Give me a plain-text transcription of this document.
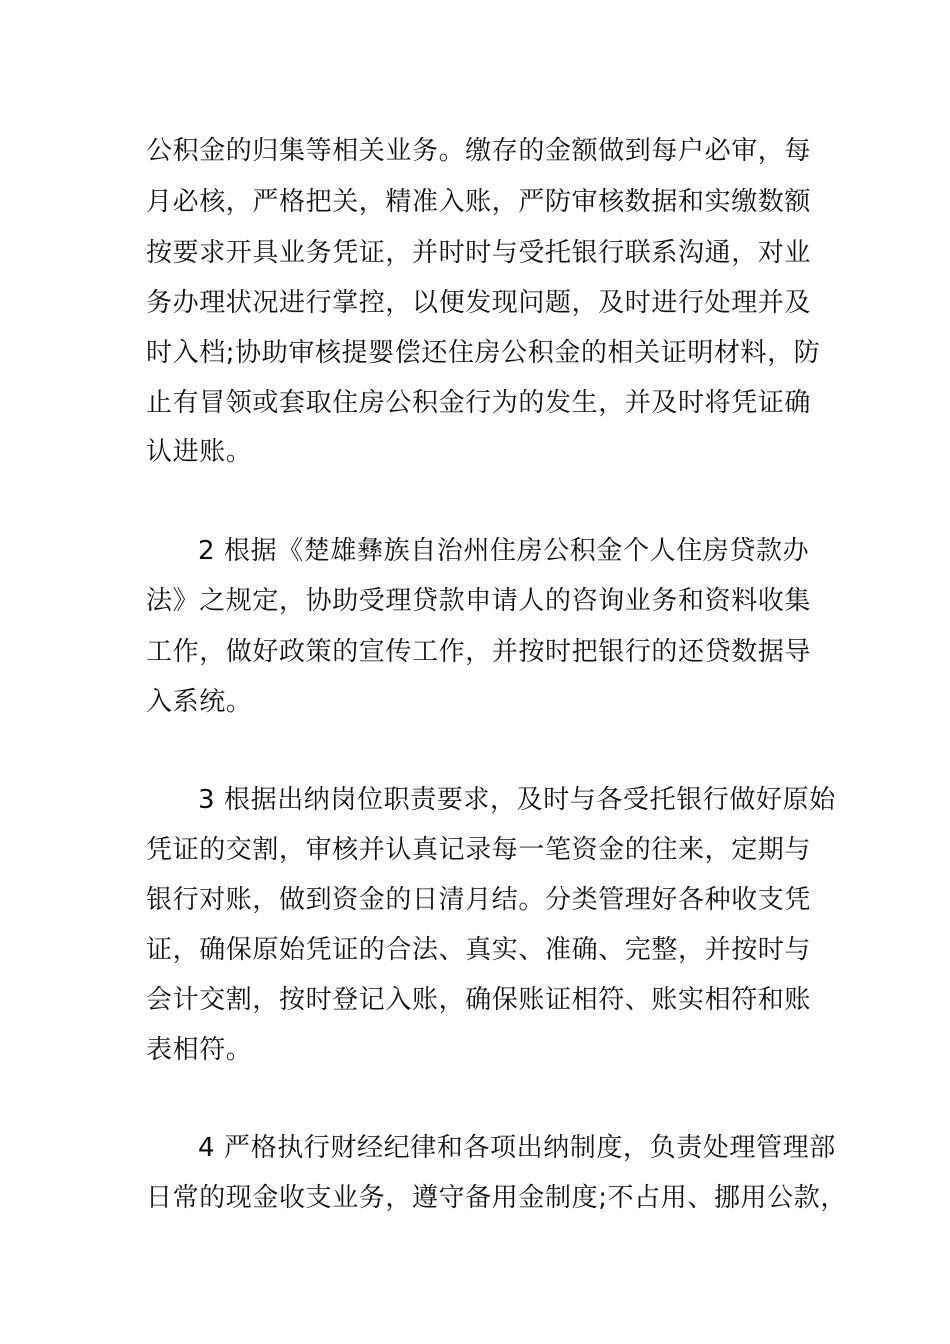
公积金的归集等相关业务。缴存的金额做到每户必审，每
月必核，严格把关，精准入账，严防审核数据和实缴数额
按要求开具业务凭证，并时时与受托银行联系沟通，对业
务办理状况进行掌控，以便发现问题，及时进行处理并及
时入档;协助审核提婴偿还住房公积金的相关证明材料，防
止有冒领或套取住房公积金行为的发生，并及时将凭证确
认进账。
2 根据《楚雄彝族自治州住房公积金个人住房贷款办
法》之规定，协助受理贷款申请人的咨询业务和资料收集
工作，做好政策的宣传工作，并按时把银行的还贷数据导
入系统。
3 根据出纳岗位职责要求，及时与各受托银行做好原始
凭证的交割，审核并认真记录每一笔资金的往来，定期与
银行对账，做到资金的日清月结。分类管理好各种收支凭
证，确保原始凭证的合法、真实、准确、完整，并按时与
会计交割，按时登记入账，确保账证相符、账实相符和账
表相符。
4 严格执行财经纪律和各项出纳制度，负责处理管理部
日常的现金收支业务，遵守备用金制度;不占用、挪用公款，
